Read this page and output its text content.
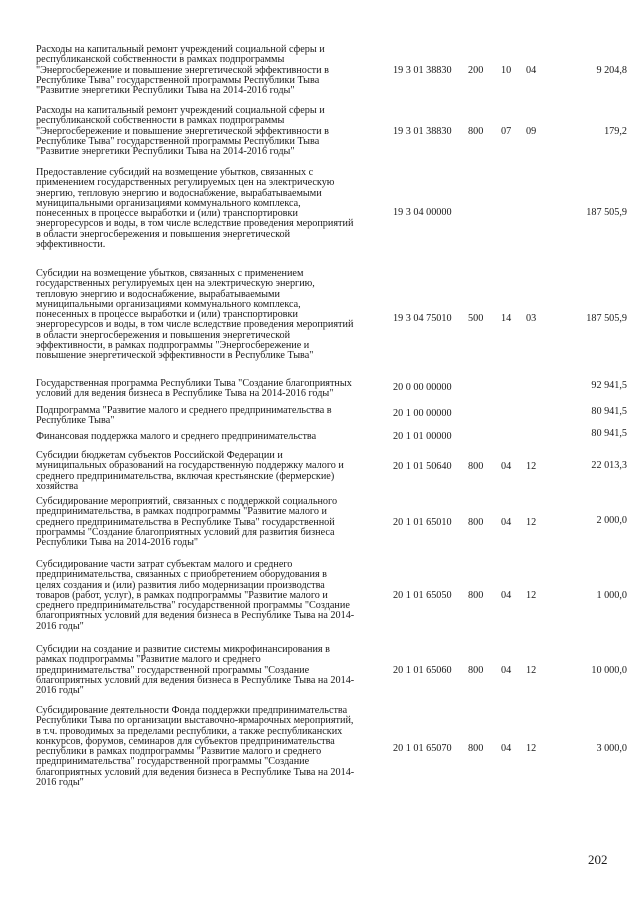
Расходы на капитальный ремонт учреждений социальной сферы и
республиканской собственности в рамках подпрограммы
"Энергосбережение и повышение энергетической эффективности в
Республике Тыва" государственной программы Республики Тыва
"Развитие энергетики Республики Тыва на 2014-2016 годы"
19 3 01 38830 200 10 04	9 204,8
Расходы на капитальный ремонт учреждений социальной сферы и
республиканской собственности в рамках подпрограммы
"Энергосбережение и повышение энергетической эффективности в
Республике Тыва" государственной программы Республики Тыва
"Развитие энергетики Республики Тыва на 2014-2016 годы"
19 3 01 38830 800 07 09	179,2
Предоставление субсидий на возмещение убытков, связанных с
применением государственных регулируемых цен на электрическую
энергию, тепловую энергию и водоснабжение, вырабатываемыми
муниципальными организациями коммунального комплекса,
понесенных в процессе выработки и (или) транспортировки
энергоресурсов и воды, в том числе вследствие проведения мероприятий
в области энергосбережения и повышения энергетической
эффективности.
19 3 04 00000	187 505,9
Субсидии на возмещение убытков, связанных с применением
государственных регулируемых цен на электрическую энергию,
тепловую энергию и водоснабжение, вырабатываемыми
муниципальными организациями коммунального комплекса,
понесенных в процессе выработки и (или) транспортировки
энергоресурсов и воды, в том числе вследствие проведения мероприятий
в области энергосбережения и повышения энергетической
эффективности, в рамках подпрограммы "Энергосбережение и
повышение энергетической эффективности в Республике Тыва"
19 3 04 75010 500 14 03	187 505,9
Государственная программа Республики Тыва "Создание благоприятных
условий для ведения бизнеса в Республике Тыва на 2014-2016 годы"
20 0 00 00000	92 941,5
Подпрограмма "Развитие малого и среднего предпринимательства в
Республике Тыва"
20 1 00 00000	80 941,5
Финансовая поддержка малого и среднего предпринимательства	20 1 01 00000	80 941,5
Субсидии бюджетам субъектов Российской Федерации и
муниципальных образований на государственную поддержку малого и
среднего предпринимательства, включая крестьянские (фермерские)
хозяйства
20 1 01 50640 800 04 12	22 013,3
Субсидирование мероприятий, связанных с поддержкой социального
предпринимательства, в рамках подпрограммы "Развитие малого и
среднего предпринимательства в Республике Тыва" государственной
программы "Создание благоприятных условий для развития бизнеса
Республики Тыва на 2014-2016 годы"
20 1 01 65010 800 04 12	2 000,0
Субсидирование части затрат субъектам малого и среднего
предпринимательства, связанных с приобретением оборудования в
целях создания и (или) развития либо модернизации производства
товаров (работ, услуг), в рамках подпрограммы "Развитие малого и
среднего предпринимательства" государственной программы "Создание
благоприятных условий для ведения бизнеса в Республике Тыва на 2014-
2016 годы"
20 1 01 65050 800 04 12	1 000,0
Субсидии на создание и развитие системы микрофинансирования в
рамках подпрограммы "Развитие малого и среднего
предпринимательства" государственной программы "Создание
благоприятных условий для ведения бизнеса в Республике Тыва на 2014-
2016 годы"
20 1 01 65060 800 04 12	10 000,0
Субсидирование деятельности Фонда поддержки предпринимательства
Республики Тыва по организации выставочно-ярмарочных мероприятий,
в т.ч. проводимых за пределами республики, а также республиканских
конкурсов, форумов, семинаров для субъектов предпринимательства
республики в рамках подпрограммы "Развитие малого и среднего
предпринимательства" государственной программы "Создание
благоприятных условий для ведения бизнеса в Республике Тыва на 2014-
2016 годы"
20 1 01 65070 800 04 12	3 000,0
202
